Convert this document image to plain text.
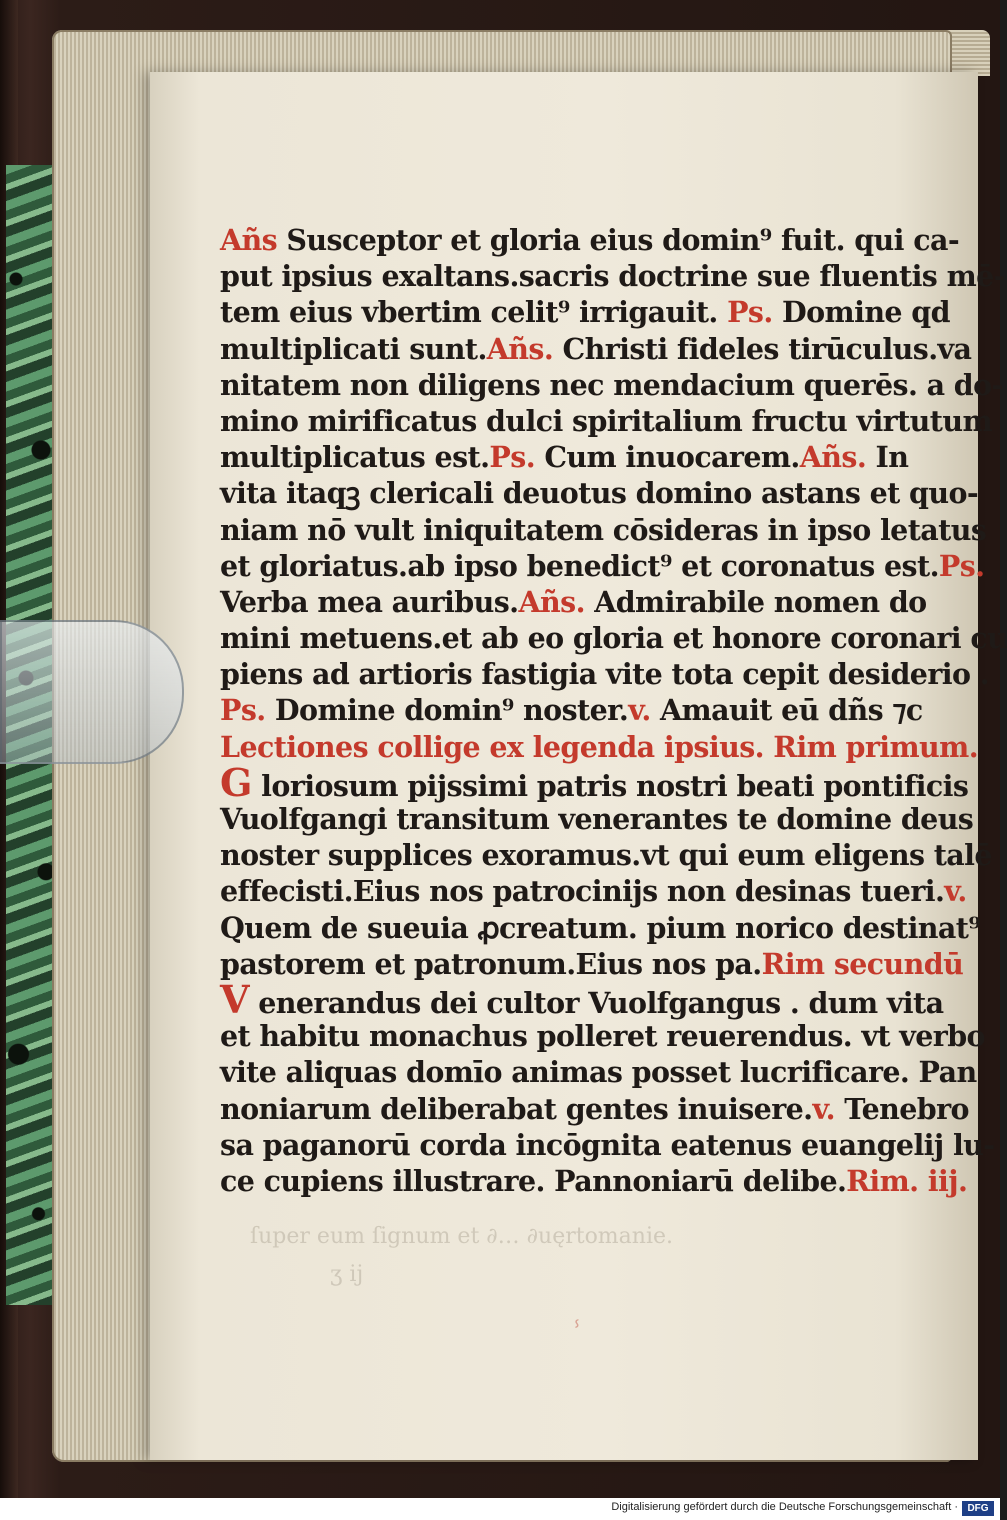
ſuper eum ſignum et ∂… ∂uęrtomanie.
ʒ ij
ⸯ
Añs Susceptor et gloria eius domin⁹ fuit. qui ca-
put ipsius exaltans.sacris doctrine sue fluentis mē-
tem eius vbertim celit⁹ irrigauit. Ps. Domine qd
multiplicati sunt.Añs. Christi fideles tirūculus.va
nitatem non diligens nec mendacium querēs. a do-
mino mirificatus dulci spiritalium fructu virtutum
multiplicatus est.Ps. Cum inuocarem.Añs. In
vita itaqꝫ clericali deuotus domino astans et quo-
niam nō vult iniquitatem cōsideras in ipso letatus
et gloriatus.ab ipso benedict⁹ et coronatus est.Ps.
Verba mea auribus.Añs. Admirabile nomen do
mini metuens.et ab eo gloria et honore coronari cu
piens ad artioris fastigia vite tota cepit desiderio .
Ps. Domine domin⁹ noster.v. Amauit eū dñs ⁊c
Lectiones collige ex legenda ipsius. Rim primum.
G loriosum pijssimi patris nostri beati pontificis
Vuolfgangi transitum venerantes te domine deus
noster supplices exoramus.vt qui eum eligens talē
effecisti.Eius nos patrocinijs non desinas tueri.v.
Quem de sueuia ꝓcreatum. pium norico destinat⁹
pastorem et patronum.Eius nos pa.Rim secundū
V enerandus dei cultor Vuolfgangus . dum vita
et habitu monachus polleret reuerendus. vt verbo
vite aliquas domīo animas posset lucrificare. Pan
noniarum deliberabat gentes inuisere.v. Tenebro
sa paganorū corda incōgnita eatenus euangelij lu-
ce cupiens illustrare. Pannoniarū delibe.Rim. iij.
Digitalisierung gefördert durch die Deutsche Forschungsgemeinschaft · DFG
